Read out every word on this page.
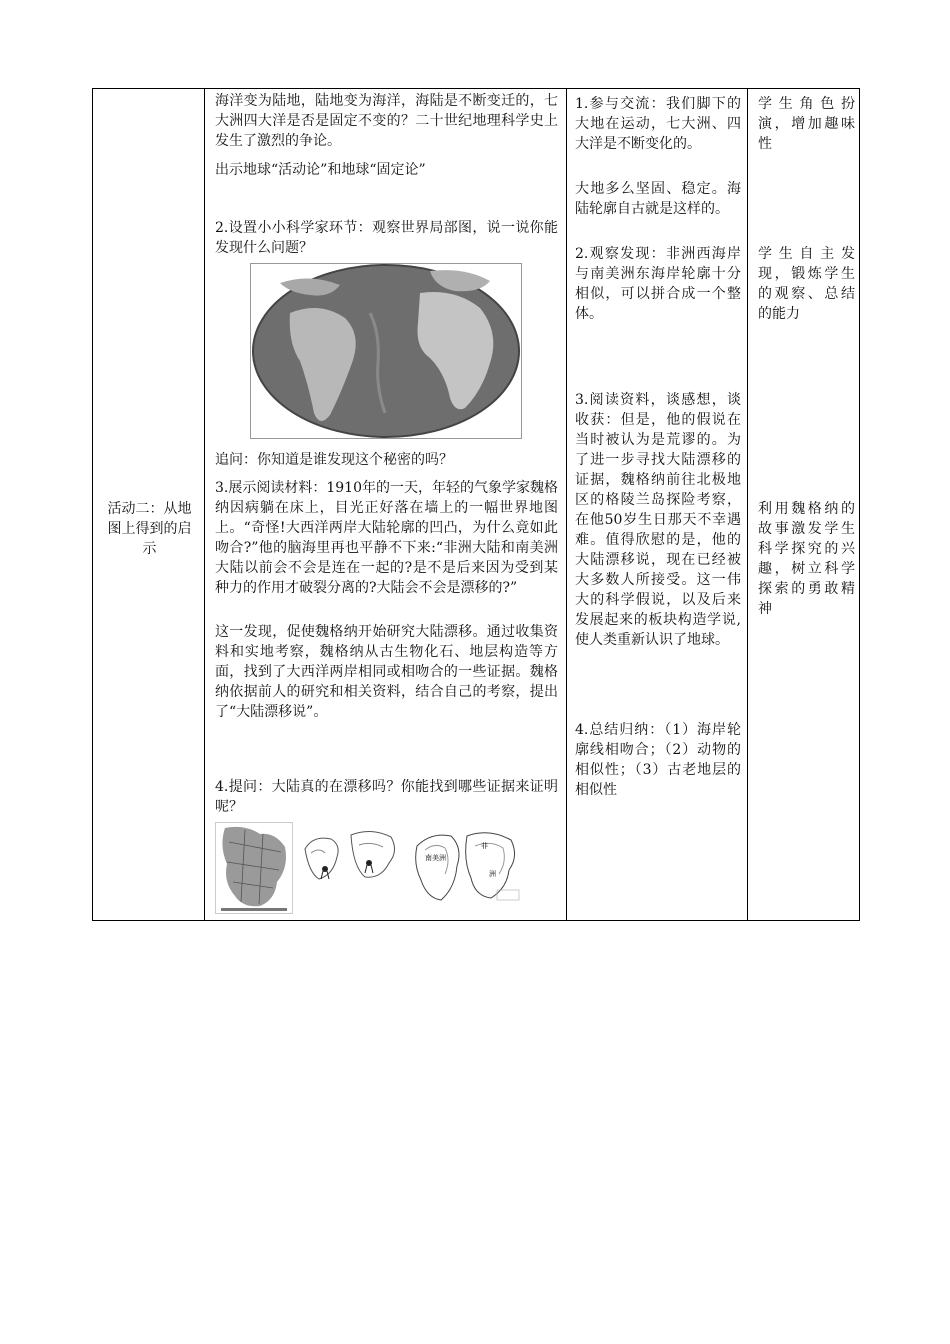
活动二：从地图上得到的启示
海洋变为陆地，陆地变为海洋，海陆是不断变迁的，七大洲四大洋是否是固定不变的？二十世纪地理科学史上发生了激烈的争论。
出示地球“活动论”和地球“固定论”
2.设置小小科学家环节：观察世界局部图，说一说你能发现什么问题？
追问：你知道是谁发现这个秘密的吗？
3.展示阅读材料：1910年的一天，年轻的气象学家魏格纳因病躺在床上，目光正好落在墙上的一幅世界地图上。“奇怪!大西洋两岸大陆轮廓的凹凸，为什么竟如此吻合?”他的脑海里再也平静不下来:“非洲大陆和南美洲大陆以前会不会是连在一起的?是不是后来因为受到某种力的作用才破裂分离的?大陆会不会是漂移的?”
这一发现，促使魏格纳开始研究大陆漂移。通过收集资料和实地考察，魏格纳从古生物化石、地层构造等方面，找到了大西洋两岸相同或相吻合的一些证据。魏格纳依据前人的研究和相关资料，结合自己的考察，提出了“大陆漂移说”。
4.提问：大陆真的在漂移吗？你能找到哪些证据来证明呢？
南美洲
非
洲
1.参与交流：我们脚下的大地在运动，七大洲、四大洋是不断变化的。
大地多么坚固、稳定。海陆轮廓自古就是这样的。
2.观察发现：非洲西海岸与南美洲东海岸轮廓十分相似，可以拼合成一个整体。
3.阅读资料，谈感想，谈收获：但是，他的假说在当时被认为是荒谬的。为了进一步寻找大陆漂移的证据，魏格纳前往北极地区的格陵兰岛探险考察，在他50岁生日那天不幸遇难。值得欣慰的是，他的大陆漂移说，现在已经被大多数人所接受。这一伟大的科学假说，以及后来发展起来的板块构造学说,使人类重新认识了地球。
4.总结归纳：（1）海岸轮廓线相吻合；（2）动物的相似性；（3）古老地层的相似性
学生角色扮演，增加趣味性
学生自主发现，锻炼学生的观察、总结的能力
利用魏格纳的故事激发学生科学探究的兴趣，树立科学探索的勇敢精神
